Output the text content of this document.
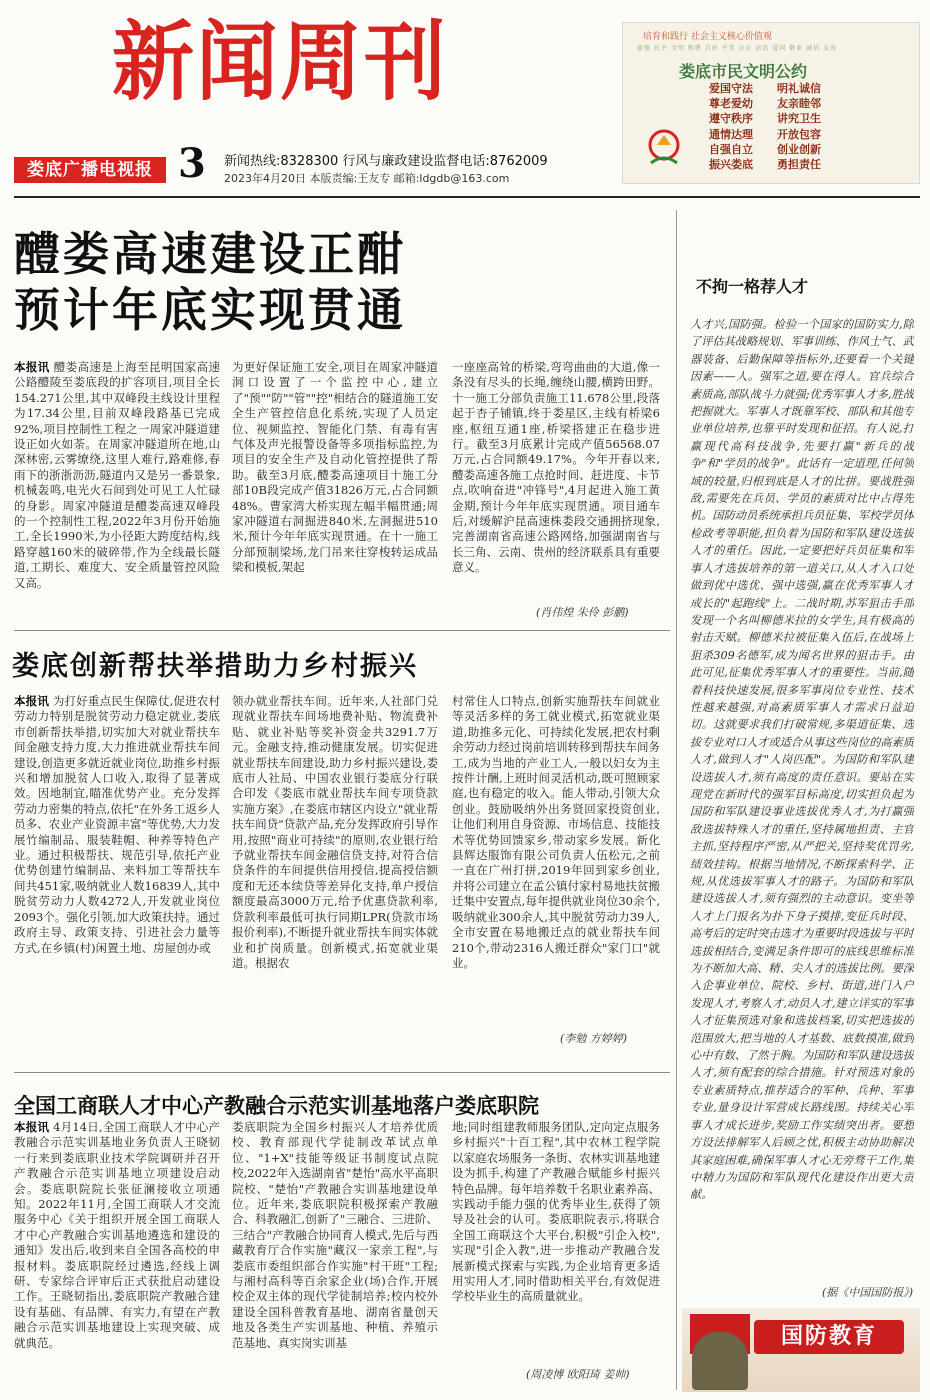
新闻周刊
娄底广播电视报 3 新闻热线:8328300 行风与廉政建设监督电话:8762009
2023年4月20日 本版责编:王友专 邮箱:ldgdb@163.com
培育和践行 社会主义核心价值观
富强 民主 文明 和谐 自由 平等 公正 法治 爱国 敬业 诚信 友善
娄底市民文明公约
爱国守法	明礼诚信
尊老爱幼	友亲睦邻
遵守秩序	讲究卫生
通情达理	开放包容
自强自立	创业创新
振兴娄底	勇担责任
醴娄高速建设正酣
预计年底实现贯通
本报讯 醴娄高速是上海至昆明国家高速公路醴陵至娄底段的扩容项目,项目全长154.271公里,其中双峰段主线设计里程为17.34公里,目前双峰段路基已完成92%,项目控制性工程之一周家冲隧道建设正如火如荼。在周家冲隧道所在地,山深林密,云雾缭绕,这里人难行,路难修,春雨下的浙浙沥沥,隧道内又是另一番景象,机械轰鸣,电光火石间到处可见工人忙碌的身影。周家冲隧道是醴娄高速双峰段的一个控制性工程,2022年3月份开始施工,全长1990米,为小径距大跨度结构,线路穿越160米的破碎带,作为全线最长隧道,工期长、难度大、安全质量管控风险又高。
为更好保证施工安全,项目在周家冲隧道洞口设置了一个监控中心,建立了"预""防""管""控"相结合的隧道施工安全生产管控信息化系统,实现了人员定位、视频监控、智能化门禁、有毒有害气体及声光报警设备等多项指标监控,为项目的安全生产及自动化管控提供了帮助。截至3月底,醴娄高速项目十施工分部10B段完成产值31826万元,占合同额48%。曹家湾大桥实现左幅半幅贯通;周家冲隧道右洞掘进840米,左洞掘进510米,预计今年年底实现贯通。在十一施工分部预制梁场,龙门吊来往穿梭转运成品梁和模板,架起
一座座高耸的桥梁,弯弯曲曲的大道,像一条没有尽头的长绳,缠绕山腰,横跨田野。十一施工分部负责施工11.678公里,段落起于杏子铺镇,终于娄星区,主线有桥梁6座,枢纽互通1座,桥梁搭建正在稳步进行。截至3月底累计完成产值56568.07万元,占合同额49.17%。今年开春以来,醴娄高速各施工点抢时间、赶进度、卡节点,吹响奋进"冲锋号",4月起进入施工黄金期,预计今年年底实现贯通。项目通车后,对缓解沪昆高速株娄段交通拥挤现象,完善湖南省高速公路网络,加强湖南省与长三角、云南、贵州的经济联系具有重要意义。
(肖伟煌 朱伶 彭鹏)
娄底创新帮扶举措助力乡村振兴
本报讯 为打好重点民生保障仗,促进农村劳动力特别是脱贫劳动力稳定就业,娄底市创新帮扶举措,切实加大对就业帮扶车间金融支持力度,大力推进就业帮扶车间建设,创造更多就近就业岗位,助推乡村振兴和增加脱贫人口收入,取得了显著成效。因地制宜,瞄准优势产业。充分发挥劳动力密集的特点,依托"在外务工返乡人员多、农业产业资源丰富"等优势,大力发展竹编制品、服装鞋帽、种养等特色产业。通过积极帮扶、规范引导,依托产业优势创建竹编制品、来料加工等帮扶车间共451家,吸纳就业人数16839人,其中脱贫劳动力人数4272人,开发就业岗位2093个。强化引领,加大政策扶持。通过政府主导、政策支持、引进社会力量等方式,在乡镇(村)闲置土地、房屋创办或
领办就业帮扶车间。近年来,人社部门兑现就业帮扶车间场地费补贴、物流费补贴、就业补贴等奖补资金共3291.7万元。金融支持,推动健康发展。切实促进就业帮扶车间建设,助力乡村振兴建设,娄底市人社局、中国农业银行娄底分行联合印发《娄底市就业帮扶车间专项贷款实施方案》,在娄底市辖区内设立"就业帮扶车间贷"贷款产品,充分发挥政府引导作用,按照"商业可持续"的原则,农业银行给予就业帮扶车间金融信贷支持,对符合信贷条件的车间提供信用授信,提高授信额度和无还本续贷等差异化支持,单户授信额度最高3000万元,给予优惠贷款利率,贷款利率最低可执行同期LPR(贷款市场报价利率),不断提升就业帮扶车间实体就业和扩岗质量。创新模式,拓宽就业渠道。根据农
村常住人口特点,创新实施帮扶车间就业等灵活多样的务工就业模式,拓宽就业渠道,助推多元化、可持续化发展,把农村剩余劳动力经过岗前培训转移到帮扶车间务工,成为当地的产业工人,一般以妇女为主按件计酬,上班时间灵活机动,既可照顾家庭,也有稳定的收入。能人带动,引领大众创业。鼓励吸纳外出务贤回家投资创业,让他们利用自身资源、市场信息、技能技术等优势回馈家乡,带动家乡发展。新化县辉达服饰有限公司负责人伍松元,之前一直在广州打拼,2019年回到家乡创业,并将公司建立在孟公镇付家村易地扶贫搬迁集中安置点,每年提供就业岗位30余个,吸纳就业300余人,其中脱贫劳动力39人,全市安置在易地搬迁点的就业帮扶车间210个,带动2316人搬迁群众"家门口"就业。
(李勉 方婷婷)
全国工商联人才中心产教融合示范实训基地落户娄底职院
本报讯 4月14日,全国工商联人才中心产教融合示范实训基地业务负责人王晓韧一行来到娄底职业技术学院调研并召开产教融合示范实训基地立项建设启动会。娄底职院院长张征澜接收立项通知。2022年11月,全国工商联人才交流服务中心《关于组织开展全国工商联人才中心产教融合实训基地遴选和建设的通知》发出后,收到来自全国各高校的申报材料。娄底职院经过遴选,经线上调研、专家综合评审后正式获批启动建设工作。王晓韧指出,娄底职院产教融合建设有基础、有品牌、有实力,有望在产教融合示范实训基地建设上实现突破、成就典范。
娄底职院为全国乡村振兴人才培养优质校、教育部现代学徒制改革试点单位、"1+X"技能等级证书制度试点院校,2022年入选湖南省"楚怡"高水平高职院校、"楚怡"产教融合实训基地建设单位。近年来,娄底职院积极探索产教融合、科教融汇,创新了"三融合、三进阶、三结合"产教融合协同育人模式,先后与西藏教育厅合作实施"藏汉一家亲工程",与娄底市委组织部合作实施"村干班"工程;与湘村高科等百余家企业(场)合作,开展校企双主体的现代学徒制培养;校内校外建设全国科普教育基地、湖南省量创天地及各类生产实训基地、种植、养殖示范基地、真实岗实训基
地;同时组建教师服务团队,定向定点服务乡村振兴"十百工程",其中农林工程学院以家庭农场服务一条街、农林实训基地建设为抓手,构建了产教融合赋能乡村振兴特色品牌。每年培养数千名职业素养高、实践动手能力强的优秀毕业生,获得了领导及社会的认可。娄底职院表示,将联合全国工商联这个大平台,积极"引企入校",实现"引企入教",进一步推动产教融合发展新模式探索与实践,为企业培育更多适用实用人才,同时借助相关平台,有效促进学校毕业生的高质量就业。
(周凌博 欧阳琦 姜帅)
不拘一格荐人才
人才兴,国防强。检验一个国家的国防实力,除了评估其战略规划、军事训练、作风士气、武器装备、后勤保障等指标外,还要看一个关键因素——人。强军之道,要在得人。官兵综合素质高,部队战斗力就强;优秀军事人才多,胜战把握就大。军事人才既靠军校、部队和其他专业单位培养,也靠平时发现和征招。有人说,打赢现代高科技战争,先要打赢"新兵的战争"和"学员的战争"。此话有一定道理,任何领域的较量,归根到底是人才的比拼。要战胜强敌,需要先在兵员、学员的素质对比中占得先机。国防动员系统承担兵员征集、军校学员体检政考等职能,担负着为国防和军队建设选拔人才的重任。因此,一定要把好兵员征集和军事人才选拔培养的第一道关口,从人才入口处做到优中选优、强中选强,赢在优秀军事人才成长的"起跑线"上。二战时期,苏军狙击手部发现一个名叫柳德米拉的女学生,具有极高的射击天赋。柳德米拉被征集入伍后,在战场上狙杀309名德军,成为闻名世界的狙击手。由此可见,征集优秀军事人才的重要性。当前,随着科技快速发展,很多军事岗位专业性、技术性越来越强,对高素质军事人才需求日益迫切。这就要求我们打破常规,多渠道征集、选拔专业对口人才或适合从事这些岗位的高素质人才,做到人才"人岗匹配"。为国防和军队建设选拔人才,须有高度的责任意识。要站在实现党在新时代的强军目标高度,切实担负起为国防和军队建设事业选拔优秀人才,为打赢强敌选拔特殊人才的重任,坚持属地担责、主官主抓,坚持程序严密,从严把关,坚持奖优罚劣,绩效挂钩。根据当地情况,不断探索科学、正规,从优选拔军事人才的路子。为国防和军队建设选拔人才,须有强烈的主动意识。变坐等人才上门报名为扑下身子摸排,变征兵时段、高考后的定时突击选才为重要时段选拔与平时选拔相结合,变满足条件即可的底线思维标准为不断加大高、精、尖人才的选拔比例。要深入企事业单位、院校、乡村、街道,进门入户发现人才,考察人才,动员人才,建立详实的军事人才征集预选对象和选拔档案,切实把选拔的范围放大,把当地的人才基数、底数摸准,做到心中有数、了然于胸。为国防和军队建设选拔人才,须有配套的综合措施。针对预选对象的专业素质特点,推荐适合的军种、兵种、军事专业,量身设计军营成长路线图。持续关心军事人才成长进步,奖励工作实绩突出者。要想方设法排解军人后顾之忧,积极主动协助解决其家庭困难,确保军事人才心无旁骛干工作,集中精力为国防和军队现代化建设作出更大贡献。
(据《中国国防报》)
国防教育
